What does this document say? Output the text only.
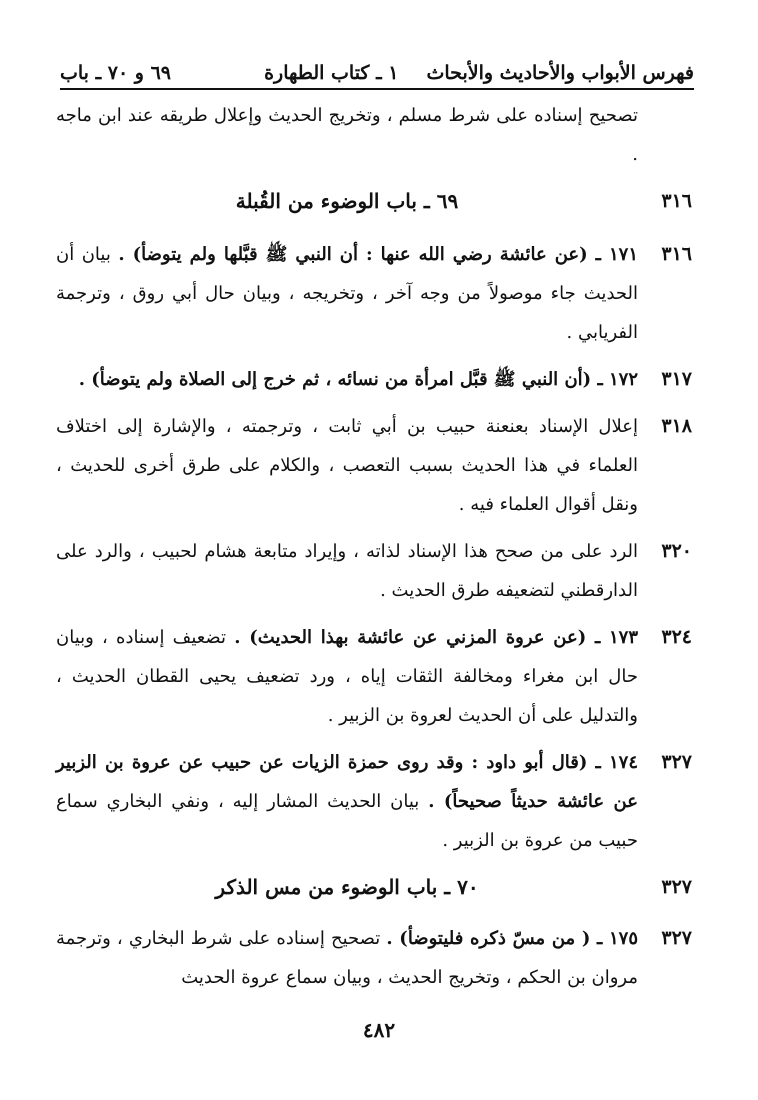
فهرس الأبواب والأحاديث والأبحاث
١ ـ كتاب الطهارة
٦٩ و ٧٠ ـ باب
تصحيح إسناده على شرط مسلم ، وتخريج الحديث وإعلال طريقه عند ابن ماجه .
٣١٦
٦٩ ـ باب الوضوء من القُبلة
٣١٦
١٧١ ـ (عن عائشة رضي الله عنها : أن النبي ﷺ قبَّلها ولم يتوضأ) . بيان أن الحديث جاء موصولاً من وجه آخر ، وتخريجه ، وبيان حال أبي روق ، وترجمة الفريابي .
٣١٧
١٧٢ ـ (أن النبي ﷺ قبَّل امرأة من نسائه ، ثم خرج إلى الصلاة ولم يتوضأ) .
٣١٨
إعلال الإسناد بعنعنة حبيب بن أبي ثابت ، وترجمته ، والإشارة إلى اختلاف العلماء في هذا الحديث بسبب التعصب ، والكلام على طرق أخرى للحديث ، ونقل أقوال العلماء فيه .
٣٢٠
الرد على من صحح هذا الإسناد لذاته ، وإيراد متابعة هشام لحبيب ، والرد على الدارقطني لتضعيفه طرق الحديث .
٣٢٤
١٧٣ ـ (عن عروة المزني عن عائشة بهذا الحديث) . تضعيف إسناده ، وبيان حال ابن مغراء ومخالفة الثقات إياه ، ورد تضعيف يحيى القطان الحديث ، والتدليل على أن الحديث لعروة بن الزبير .
٣٢٧
١٧٤ ـ (قال أبو داود : وقد روى حمزة الزيات عن حبيب عن عروة بن الزبير عن عائشة حديثاً صحيحاً) . بيان الحديث المشار إليه ، ونفي البخاري سماع حبيب من عروة بن الزبير .
٣٢٧
٧٠ ـ باب الوضوء من مس الذكر
٣٢٧
١٧٥ ـ ( من مسّ ذكره فليتوضأ) . تصحيح إسناده على شرط البخاري ، وترجمة مروان بن الحكم ، وتخريج الحديث ، وبيان سماع عروة الحديث
٤٨٢
